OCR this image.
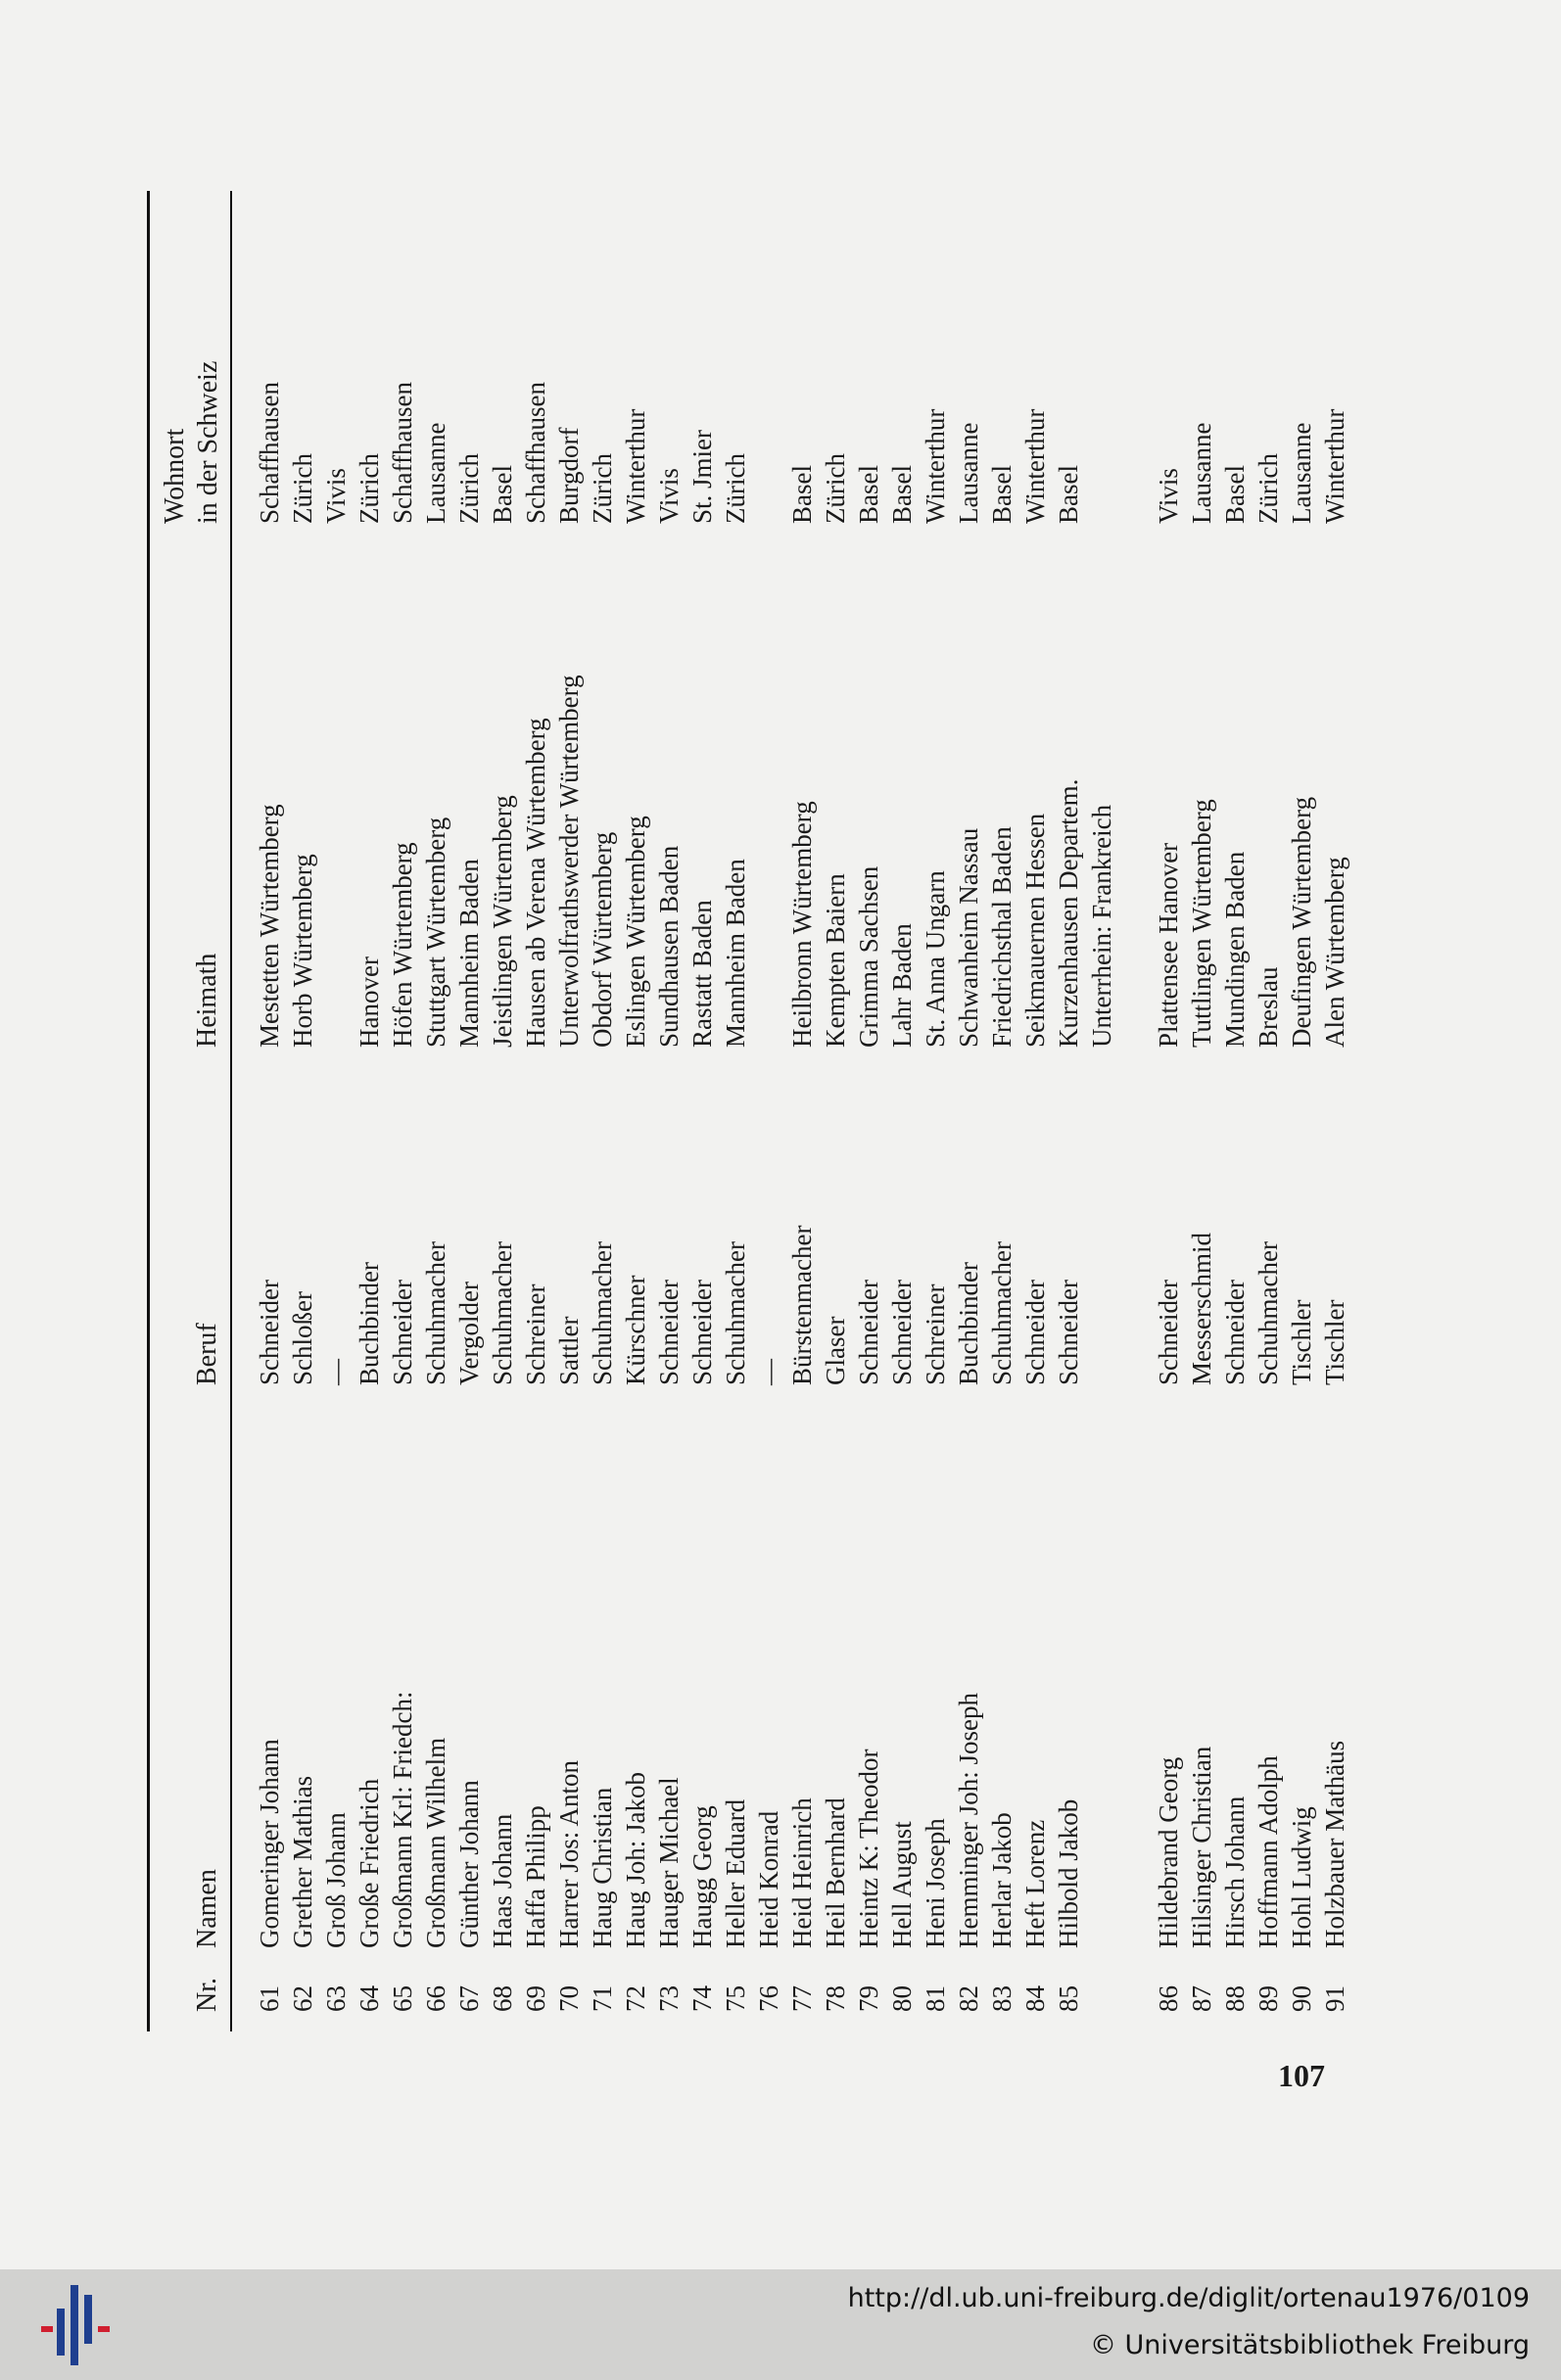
Nr.
Namen
Beruf
Heimath
Wohnort in der Schweiz
61
Gomeringer Johann
Schneider
Mestetten Würtemberg
Schaffhausen
62
Grether Mathias
Schloßer
Horb Würtemberg
Zürich
63
Groß Johann
—
Vivis
64
Große Friedrich
Buchbinder
Hanover
Zürich
65
Großmann Krl: Friedch:
Schneider
Höfen Würtemberg
Schaffhausen
66
Großmann Wilhelm
Schuhmacher
Stuttgart Würtemberg
Lausanne
67
Günther Johann
Vergolder
Mannheim Baden
Zürich
68
Haas Johann
Schuhmacher
Jeistlingen Würtemberg
Basel
69
Haffa Philipp
Schreiner
Hausen ab Verena Würtemberg
Schaffhausen
70
Harrer Jos: Anton
Sattler
Unterwolfrathswerder Würtemberg
Burgdorf
71
Haug Christian
Schuhmacher
Obdorf Würtemberg
Zürich
72
Haug Joh: Jakob
Kürschner
Eslingen Würtemberg
Winterthur
73
Hauger Michael
Schneider
Sundhausen Baden
Vivis
74
Haugg Georg
Schneider
Rastatt Baden
St. Jmier
75
Heller Eduard
Schuhmacher
Mannheim Baden
Zürich
76
Heid Konrad
—
77
Heid Heinrich
Bürstenmacher
Heilbronn Würtemberg
Basel
78
Heil Bernhard
Glaser
Kempten Baiern
Zürich
79
Heintz K: Theodor
Schneider
Grimma Sachsen
Basel
80
Hell August
Schneider
Lahr Baden
Basel
81
Heni Joseph
Schreiner
St. Anna Ungarn
Winterthur
82
Hemminger Joh: Joseph
Buchbinder
Schwanheim Nassau
Lausanne
83
Herlar Jakob
Schuhmacher
Friedrichsthal Baden
Basel
84
Heft Lorenz
Schneider
Seikmauernen Hessen
Winterthur
85
Hilbold Jakob
Schneider
Kurzenhausen Departem.
Basel
Unterrhein: Frankreich
86
Hildebrand Georg
Schneider
Plattensee Hanover
Vivis
87
Hilsinger Christian
Messerschmid
Tuttlingen Würtemberg
Lausanne
88
Hirsch Johann
Schneider
Mundingen Baden
Basel
89
Hoffmann Adolph
Schuhmacher
Breslau
Zürich
90
Hohl Ludwig
Tischler
Deufingen Würtemberg
Lausanne
91
Holzbauer Mathäus
Tischler
Alen Würtemberg
Winterthur
107
http://dl.ub.uni-freiburg.de/diglit/ortenau1976/0109
© Universitätsbibliothek Freiburg
